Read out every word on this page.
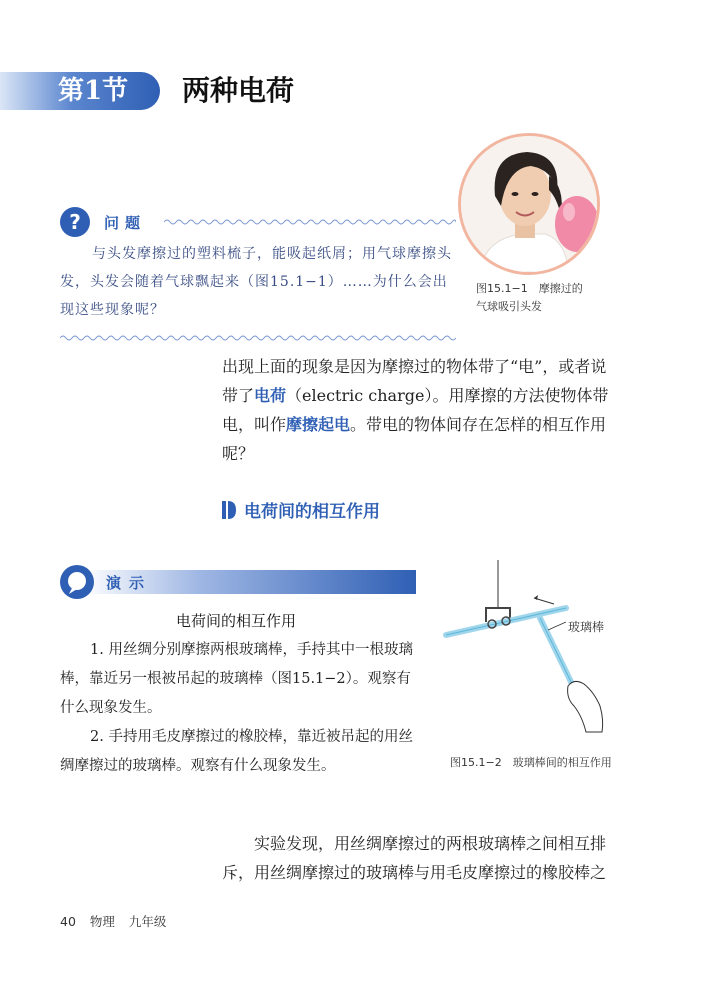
第1节 两种电荷
?	问题
与头发摩擦过的塑料梳子，能吸起纸屑；用气球摩擦头发，头发会随着气球飘起来（图15.1−1）……为什么会出现这些现象呢？
图15.1−1　摩擦过的
气球吸引头发
出现上面的现象是因为摩擦过的物体带了“电”，或者说带了电荷（electric charge）。用摩擦的方法使物体带电，叫作摩擦起电。带电的物体间存在怎样的相互作用呢？
电荷间的相互作用
演示
电荷间的相互作用

1. 用丝绸分别摩擦两根玻璃棒，手持其中一根玻璃棒，靠近另一根被吊起的玻璃棒（图15.1−2）。观察有什么现象发生。

2. 手持用毛皮摩擦过的橡胶棒，靠近被吊起的用丝绸摩擦过的玻璃棒。观察有什么现象发生。

玻璃棒
图15.1−2　玻璃棒间的相互作用

实验发现，用丝绸摩擦过的两根玻璃棒之间相互排

斥，用丝绸摩擦过的玻璃棒与用毛皮摩擦过的橡胶棒之

40 物理 九年级
